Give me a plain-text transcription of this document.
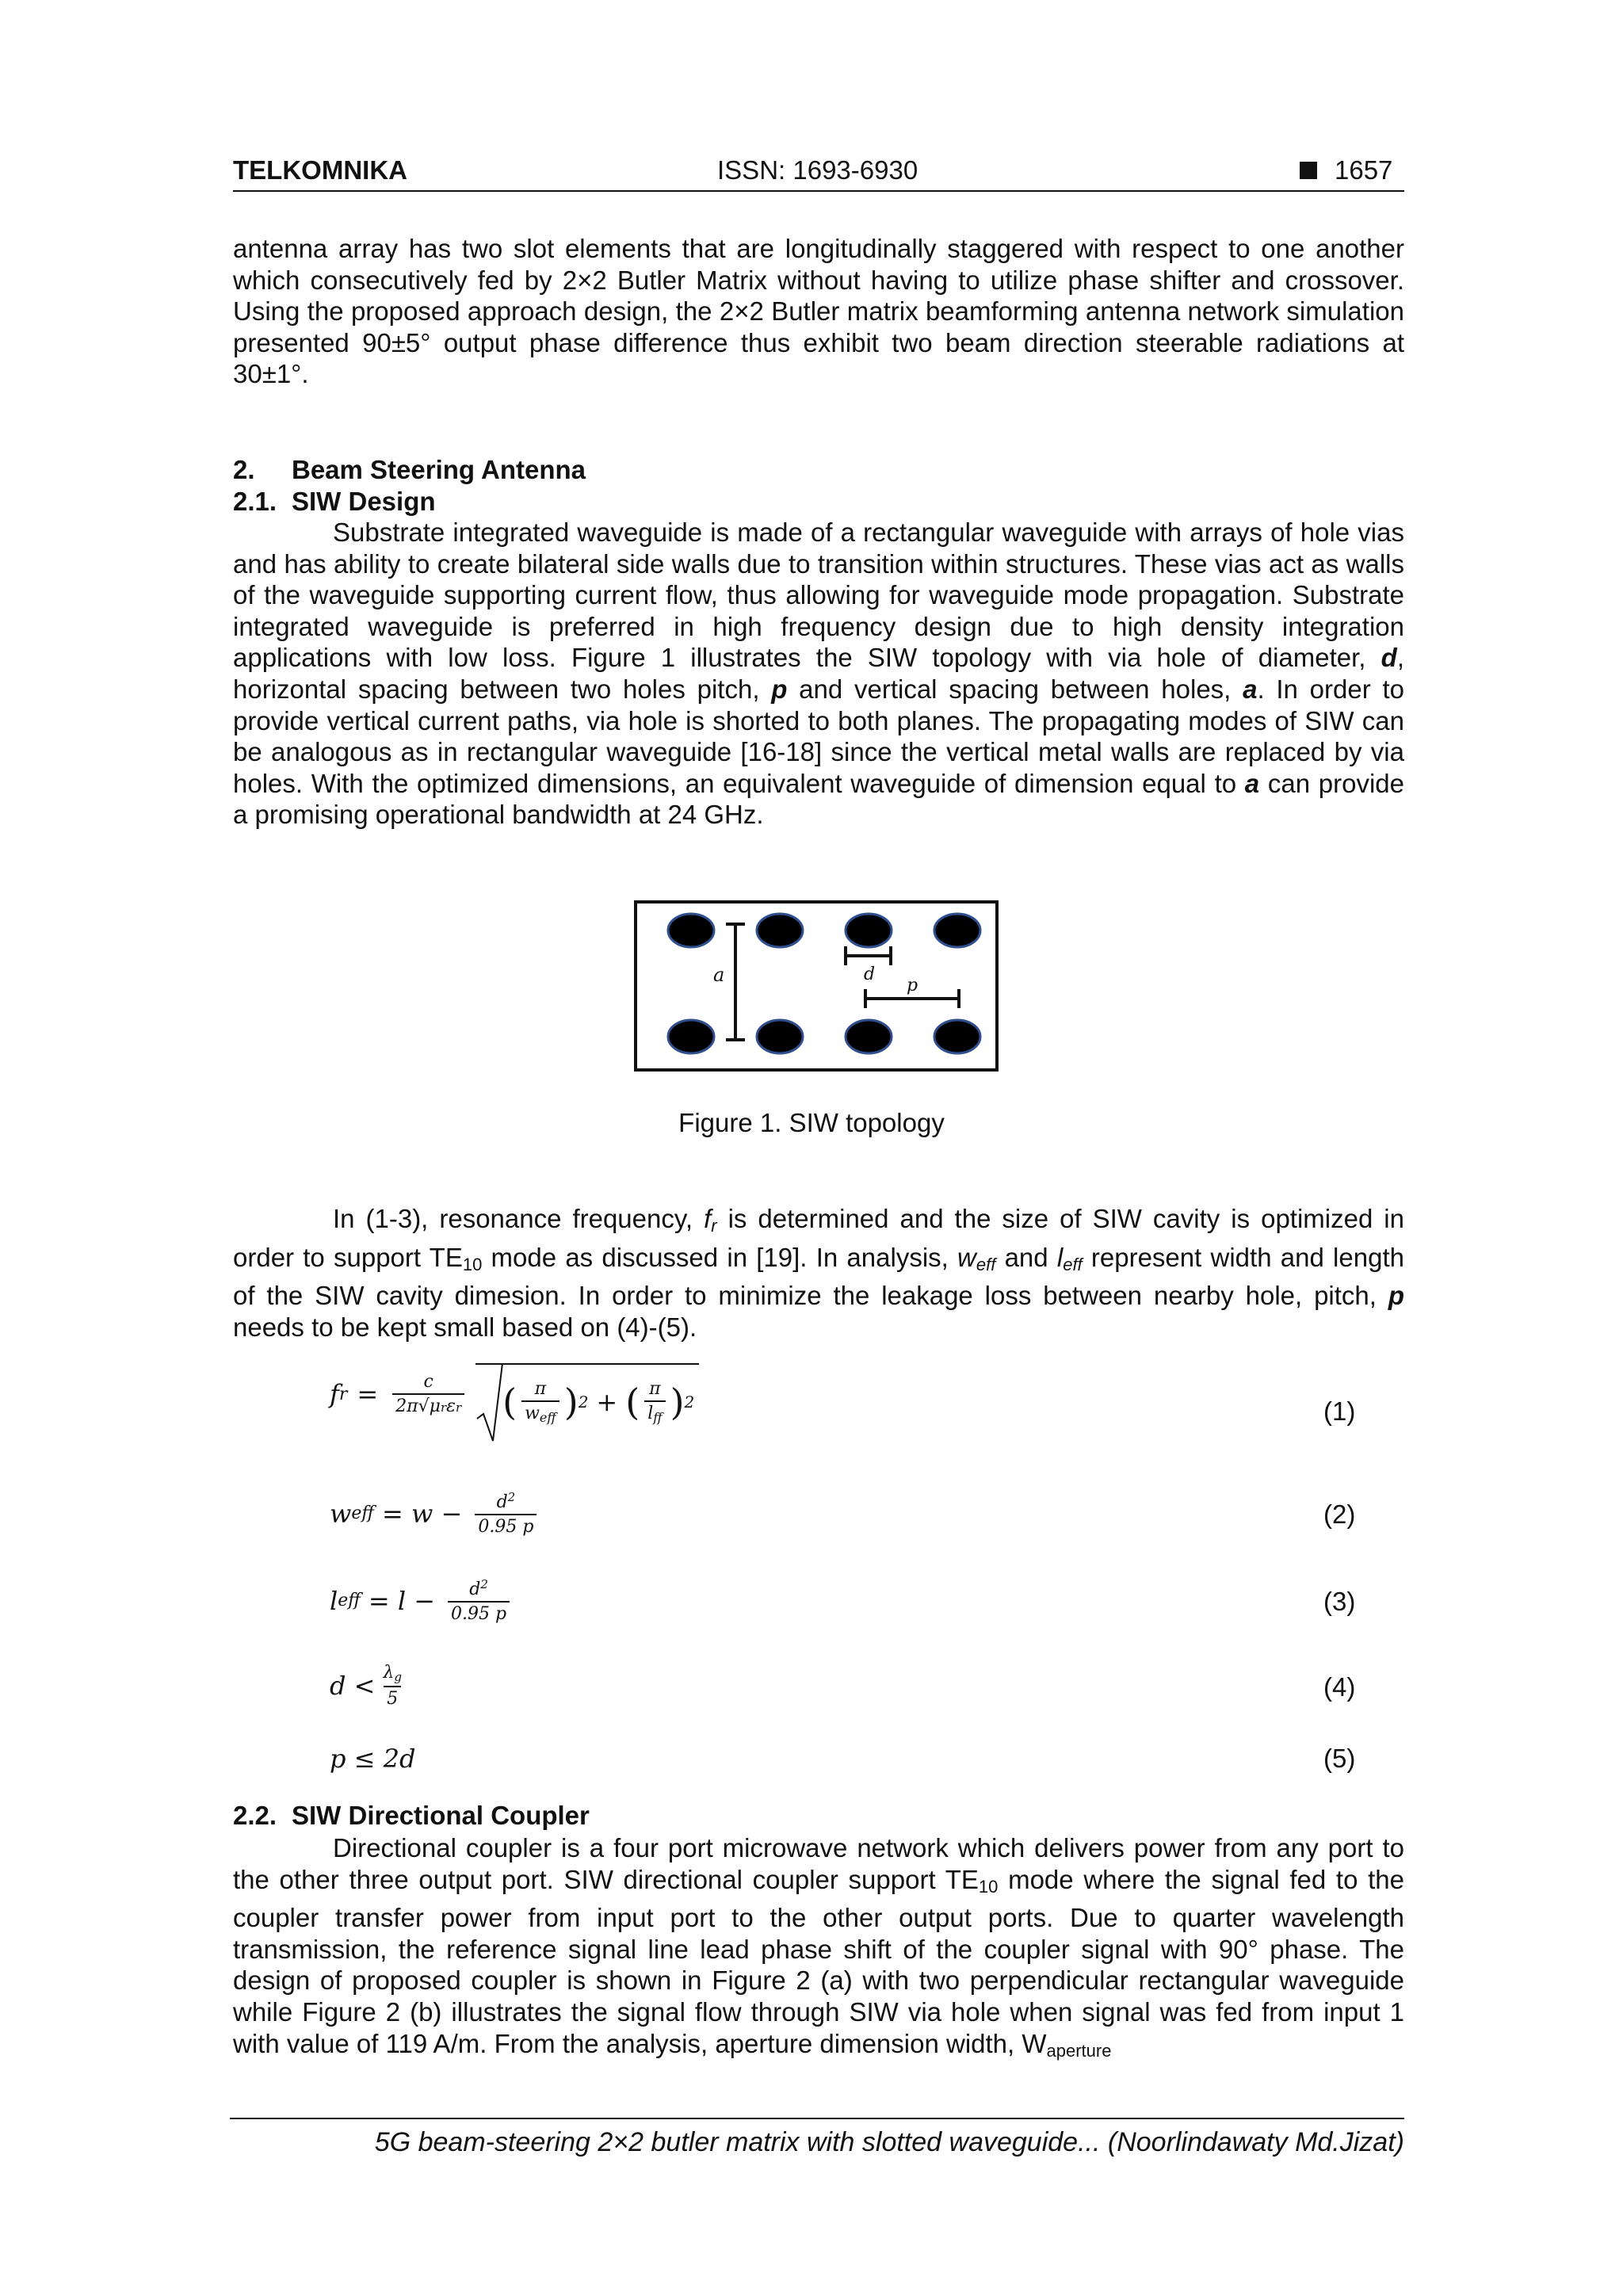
TELKOMNIKA	ISSN: 1693-6930	1657
antenna array has two slot elements that are longitudinally staggered with respect to one another which consecutively fed by 2×2 Butler Matrix without having to utilize phase shifter and crossover. Using the proposed approach design, the 2×2 Butler matrix beamforming antenna network simulation presented 90±5° output phase difference thus exhibit two beam direction steerable radiations at 30±1°.
2. Beam Steering Antenna
2.1. SIW Design
Substrate integrated waveguide is made of a rectangular waveguide with arrays of hole vias and has ability to create bilateral side walls due to transition within structures. These vias act as walls of the waveguide supporting current flow, thus allowing for waveguide mode propagation. Substrate integrated waveguide is preferred in high frequency design due to high density integration applications with low loss. Figure 1 illustrates the SIW topology with via hole of diameter, d, horizontal spacing between two holes pitch, p and vertical spacing between holes, a. In order to provide vertical current paths, via hole is shorted to both planes. The propagating modes of SIW can be analogous as in rectangular waveguide [16-18] since the vertical metal walls are replaced by via holes. With the optimized dimensions, an equivalent waveguide of dimension equal to a can provide a promising operational bandwidth at 24 GHz.
a	d
p
Figure 1. SIW topology
In (1-3), resonance frequency, fr is determined and the size of SIW cavity is optimized in order to support TE10 mode as discussed in [19]. In analysis, weff and leff represent width and length of the SIW cavity dimesion. In order to minimize the leakage loss between nearby hole, pitch, p needs to be kept small based on (4)-(5).
f $r = \frac{c}{\text{2π√μrεr}}$ ( $\frac{\pi}{\text{weff}}$ ) 2 + ( $\frac{\pi}{\text{lff}}$ ) 2	(1)
w eff = $w - \frac{d^2}{0.95 p}$	(2)
l eff = $l - \frac{d^2}{0.95 p}$	(3)
$d < \frac{\lambda g}{5}$	(4)
p ≤ 2d	(5)
2.2. SIW Directional Coupler
Directional coupler is a four port microwave network which delivers power from any port to the other three output port. SIW directional coupler support TE10 mode where the signal fed to the coupler transfer power from input port to the other output ports. Due to quarter wavelength transmission, the reference signal line lead phase shift of the coupler signal with 90° phase. The design of proposed coupler is shown in Figure 2 (a) with two perpendicular rectangular waveguide while Figure 2 (b) illustrates the signal flow through SIW via hole when signal was fed from input 1 with value of 119 A/m. From the analysis, aperture dimension width, Waperture
5G beam-steering 2×2 butler matrix with slotted waveguide... (Noorlindawaty Md.Jizat)
